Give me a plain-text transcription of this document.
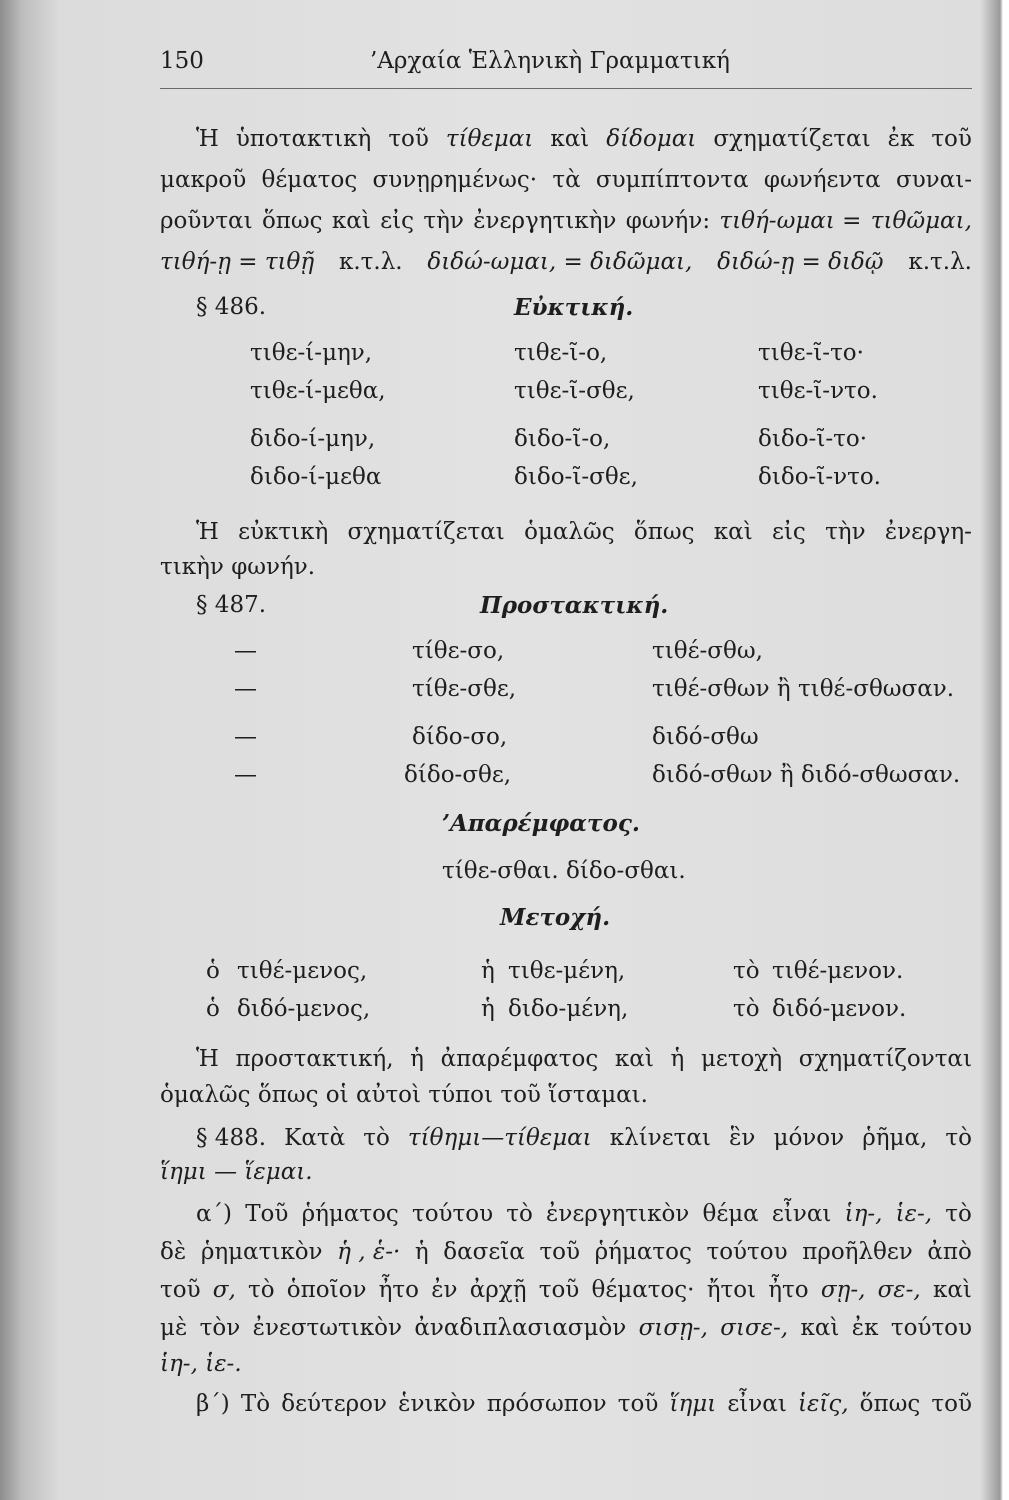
150	’Αρχαία Ἑλληνικὴ Γραμματική
Ἡ ὑποτακτικὴ τοῦ τίθεμαι καὶ δίδομαι σχηματίζεται ἐκ τοῦ
μακροῦ θέματος συνῃρημένως· τὰ συμπίπτοντα φωνήεντα συναι-
ροῦνται ὅπως καὶ εἰς τὴν ἐνεργητικὴν φωνήν: τιθή-ωμαι = τιθῶμαι,
τιθή-ῃ = τιθῇ κ.τ.λ. διδώ-ωμαι, = διδῶμαι, διδώ-ῃ = διδῷ κ.τ.λ.
§ 486.	Εὐκτική.
τιθε-ί-μην,	τιθε-ῖ-ο,	τιθε-ῖ-το·
τιθε-ί-μεθα,	τιθε-ῖ-σθε,	τιθε-ῖ-ντο.
διδο-ί-μην,	διδο-ῖ-ο,	διδο-ῖ-το·
διδο-ί-μεθα	διδο-ῖ-σθε,	διδο-ῖ-ντο.
Ἡ εὐκτικὴ σχηματίζεται ὁμαλῶς ὅπως καὶ εἰς τὴν ἐνεργη-
τικὴν φωνήν.
§ 487.	Προστακτική.
—	τίθε-σο,	τιθέ-σθω,
—	τίθε-σθε,	τιθέ-σθων ἢ τιθέ-σθωσαν.
—	δίδο-σο,	διδό-σθω
—	δίδο-σθε,	διδό-σθων ἢ διδό-σθωσαν.
’Απαρέμφατος.
τίθε-σθαι. δίδο-σθαι.
Μετοχή.
ὁ τιθέ-μενος,	ἡ τιθε-μένη,	τὸ τιθέ-μενον.
ὁ διδό-μενος,	ἡ διδο-μένη,	τὸ διδό-μενον.
Ἡ προστακτική, ἡ ἀπαρέμφατος καὶ ἡ μετοχὴ σχηματίζονται
ὁμαλῶς ὅπως οἱ αὐτοὶ τύποι τοῦ ἵσταμαι.
§ 488. Κατὰ τὸ τίθημι—τίθεμαι κλίνεται ἓν μόνον ῥῆμα, τὸ
ἵημι — ἵεμαι.
α΄) Τοῦ ῥήματος τούτου τὸ ἐνεργητικὸν θέμα εἶναι ἱη-, ἱε-, τὸ
δὲ ῥηματικὸν ἡ , ἑ-· ἡ δασεῖα τοῦ ῥήματος τούτου προῆλθεν ἀπὸ
τοῦ σ, τὸ ὁποῖον ἦτο ἐν ἀρχῇ τοῦ θέματος· ἤτοι ἦτο σῃ-, σε-, καὶ
μὲ τὸν ἐνεστωτικὸν ἀναδιπλασιασμὸν σισῃ-, σισε-, καὶ ἐκ τούτου
ἱη-, ἱε-.
β΄) Τὸ δεύτερον ἑνικὸν πρόσωπον τοῦ ἵημι εἶναι ἱεῖς, ὅπως τοῦ
